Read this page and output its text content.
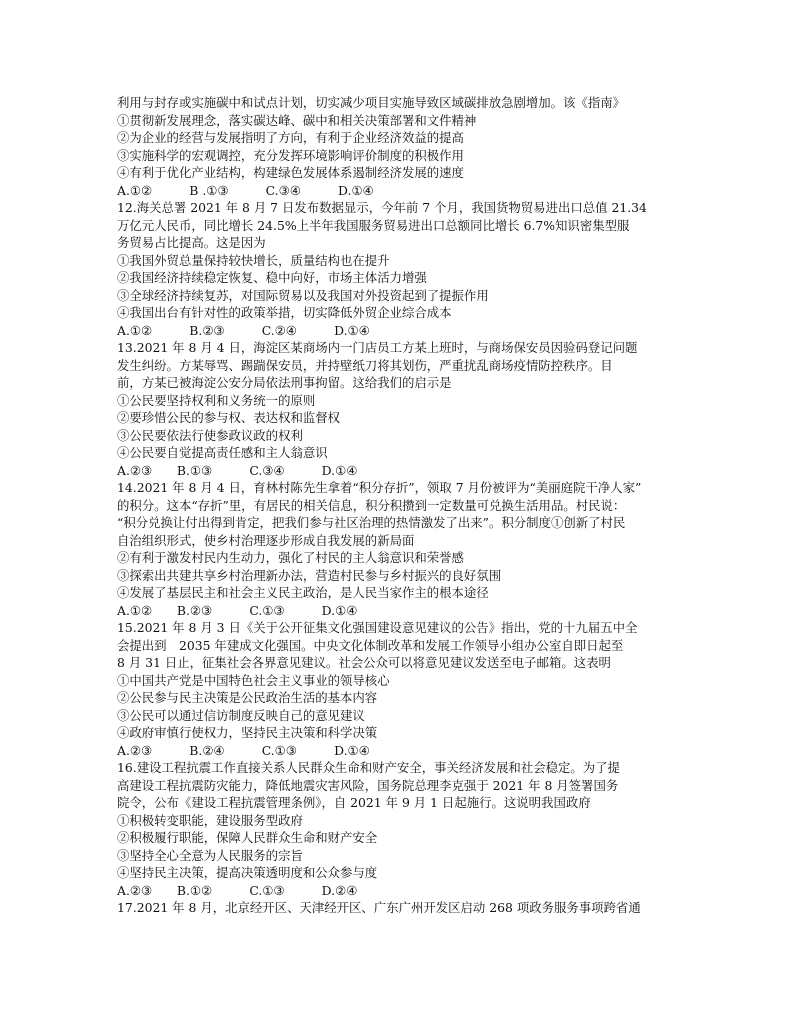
利用与封存或实施碳中和试点计划，切实减少项目实施导致区域碳排放急剧增加。该《指南》
①贯彻新发展理念，落实碳达峰、碳中和相关决策部署和文件精神
②为企业的经营与发展指明了方向，有利于企业经济效益的提高
③实施科学的宏观调控，充分发挥环境影响评价制度的积极作用
④有利于优化产业结构，构建绿色发展体系遏制经济发展的速度
A.①②　　　B .①③　　　C.③④　　　D.①④
12.海关总署 2021 年 8 月 7 日发布数据显示，今年前 7 个月，我国货物贸易进出口总值 21.34
万亿元人民币，同比增长 24.5%上半年我国服务贸易进出口总额同比增长 6.7%知识密集型服
务贸易占比提高。这是因为
①我国外贸总量保持较快增长，质量结构也在提升
②我国经济持续稳定恢复、稳中向好，市场主体活力增强
③全球经济持续复苏，对国际贸易以及我国对外投资起到了提振作用
④我国出台有针对性的政策举措，切实降低外贸企业综合成本
A.①②　　　B.②③　　　C.②④　　　D.①④
13.2021 年 8 月 4 日，海淀区某商场内一门店员工方某上班时，与商场保安员因验码登记问题
发生纠纷。方某辱骂、踢踹保安员，并持壁纸刀将其划伤，严重扰乱商场疫情防控秩序。目
前，方某已被海淀公安分局依法刑事拘留。这给我们的启示是
①公民要坚持权利和义务统一的原则
②要珍惜公民的参与权、表达权和监督权
③公民要依法行使参政议政的权利
④公民要自觉提高责任感和主人翁意识
A.②③　　B.①③　　　C.③④　　　D.①④
14.2021 年 8 月 4 日，育林村陈先生拿着“积分存折”，领取 7 月份被评为“美丽庭院干净人家”
的积分。这本“存折”里，有居民的相关信息，积分积攒到一定数量可兑换生活用品。村民说：
“积分兑换让付出得到肯定，把我们参与社区治理的热情激发了出来”。积分制度①创新了村民
自治组织形式，使乡村治理逐步形成自我发展的新局面
②有利于激发村民内生动力，强化了村民的主人翁意识和荣誉感
③探索出共建共享乡村治理新办法，营造村民参与乡村振兴的良好氛围
④发展了基层民主和社会主义民主政治，是人民当家作主的根本途径
A.①②　　B.②③　　　C.①③　　　D.①④
15.2021 年 8 月 3 日《关于公开征集文化强国建设意见建议的公告》指出，党的十九届五中全
会提出到　2035 年建成文化强国。中央文化体制改革和发展工作领导小组办公室自即日起至
8 月 31 日止，征集社会各界意见建议。社会公众可以将意见建议发送至电子邮箱。这表明
①中国共产党是中国特色社会主义事业的领导核心
②公民参与民主决策是公民政治生活的基本内容
③公民可以通过信访制度反映自己的意见建议
④政府审慎行使权力，坚持民主决策和科学决策
A.②③　　　B.②④　　　C.①③　　　D.①④
16.建设工程抗震工作直接关系人民群众生命和财产安全，事关经济发展和社会稳定。为了提
高建设工程抗震防灾能力，降低地震灾害风险，国务院总理李克强于 2021 年 8 月签署国务
院令，公布《建设工程抗震管理条例》，自 2021 年 9 月 1 日起施行。这说明我国政府
①积极转变职能，建设服务型政府
②积极履行职能，保障人民群众生命和财产安全
③坚持全心全意为人民服务的宗旨
④坚持民主决策，提高决策透明度和公众参与度
A.②③　　B.①②　　　C.①③　　　D.②④
17.2021 年 8 月，北京经开区、天津经开区、广东广州开发区启动 268 项政务服务事项跨省通
